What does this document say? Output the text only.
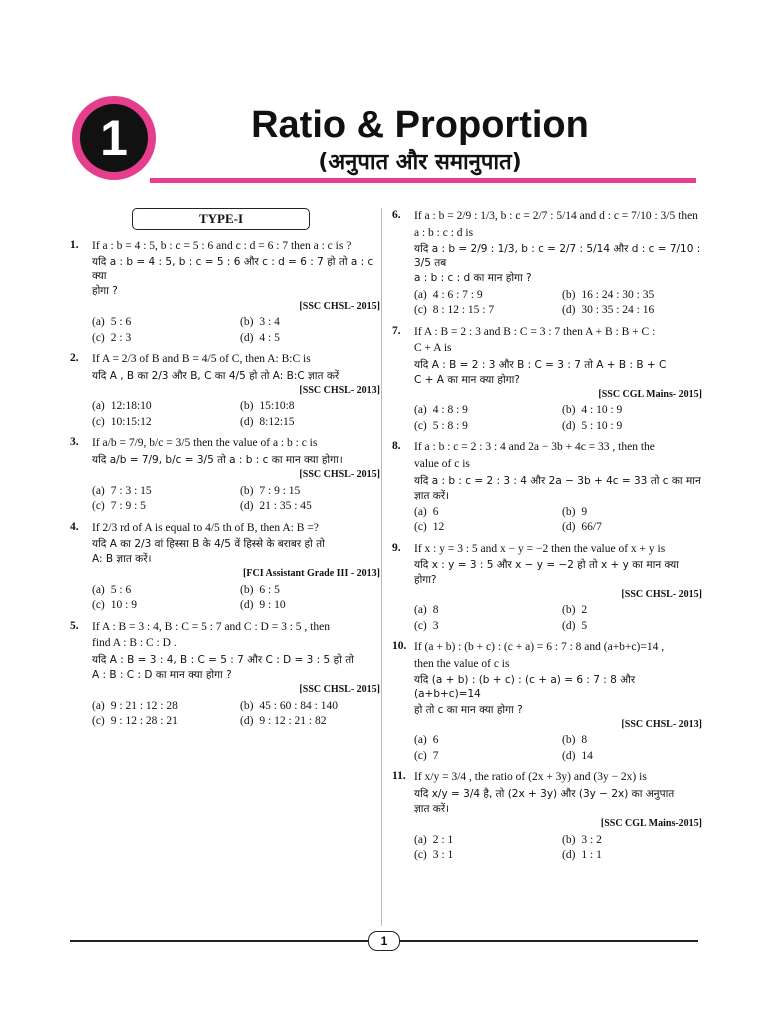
1	Ratio & Proportion
(अनुपात और समानुपात)
TYPE-I
1.	If a : b = 4 : 5, b : c = 5 : 6 and c : d = 6 : 7 then a : c is ?
यदि a : b = 4 : 5, b : c = 5 : 6 और c : d = 6 : 7 हो तो a : c क्या
होगा ?
[SSC CHSL- 2015]
(a) 5 : 6	(b) 3 : 4
(c) 2 : 3	(d) 4 : 5
2.	If A = 2/3 of B and B = 4/5 of C, then A: B:C is
यदि A , B का 2/3 और B, C का 4/5 हो तो A: B:C ज्ञात करें
[SSC CHSL- 2013]
(a) 12:18:10	(b) 15:10:8
(c) 10:15:12	(d) 8:12:15
3.	If a/b = 7/9, b/c = 3/5 then the value of a : b : c is
यदि a/b = 7/9, b/c = 3/5 तो a : b : c का मान क्या होगा।
[SSC CHSL- 2015]
(a) 7 : 3 : 15	(b) 7 : 9 : 15
(c) 7 : 9 : 5	(d) 21 : 35 : 45
4.	If 2/3 rd of A is equal to 4/5 th of B, then A: B =?
यदि A का 2/3 वां हिस्सा B के 4/5 वें हिस्से के बराबर हो तो
A: B ज्ञात करें।
[FCI Assistant Grade III - 2013]
(a) 5 : 6	(b) 6 : 5
(c) 10 : 9	(d) 9 : 10
5.	If A : B = 3 : 4, B : C = 5 : 7 and C : D = 3 : 5 , then
find A : B : C : D .
यदि A : B = 3 : 4, B : C = 5 : 7 और C : D = 3 : 5 हो तो
A : B : C : D का मान क्या होगा ?
[SSC CHSL- 2015]
(a) 9 : 21 : 12 : 28	(b) 45 : 60 : 84 : 140
(c) 9 : 12 : 28 : 21	(d) 9 : 12 : 21 : 82
6.	If a : b = 2/9 : 1/3, b : c = 2/7 : 5/14 and d : c = 7/10 : 3/5 then
a : b : c : d is
यदि a : b = 2/9 : 1/3, b : c = 2/7 : 5/14 और d : c = 7/10 : 3/5 तब
a : b : c : d का मान होगा ?
(a) 4 : 6 : 7 : 9	(b) 16 : 24 : 30 : 35
(c) 8 : 12 : 15 : 7	(d) 30 : 35 : 24 : 16
7.	If A : B = 2 : 3 and B : C = 3 : 7 then A + B : B + C :
C + A is
यदि A : B = 2 : 3 और B : C = 3 : 7 तो A + B : B + C
C + A का मान क्या होगा?
[SSC CGL Mains- 2015]
(a) 4 : 8 : 9	(b) 4 : 10 : 9
(c) 5 : 8 : 9	(d) 5 : 10 : 9
8.	If a : b : c = 2 : 3 : 4 and 2a − 3b + 4c = 33 , then the
value of c is
यदि a : b : c = 2 : 3 : 4 और 2a − 3b + 4c = 33 तो c का मान
ज्ञात करें।
(a) 6	(b) 9
(c) 12	(d) 66/7
9.	If x : y = 3 : 5 and x − y = −2 then the value of x + y is
यदि x : y = 3 : 5 और x − y = −2 हो तो x + y का मान क्या होगा?
[SSC CHSL- 2015]
(a) 8	(b) 2
(c) 3	(d) 5
10. If (a + b) : (b + c) : (c + a) = 6 : 7 : 8 and (a+b+c)=14 ,
then the value of c is
यदि (a + b) : (b + c) : (c + a) = 6 : 7 : 8 और (a+b+c)=14
हो तो c का मान क्या होगा ?
[SSC CHSL- 2013]
(a) 6	(b) 8
(c) 7	(d) 14
11. If x/y = 3/4 , the ratio of (2x + 3y) and (3y − 2x) is
यदि x/y = 3/4 है, तो (2x + 3y) और (3y − 2x) का अनुपात
ज्ञात करें।
[SSC CGL Mains-2015]
(a) 2 : 1	(b) 3 : 2
(c) 3 : 1	(d) 1 : 1
1
